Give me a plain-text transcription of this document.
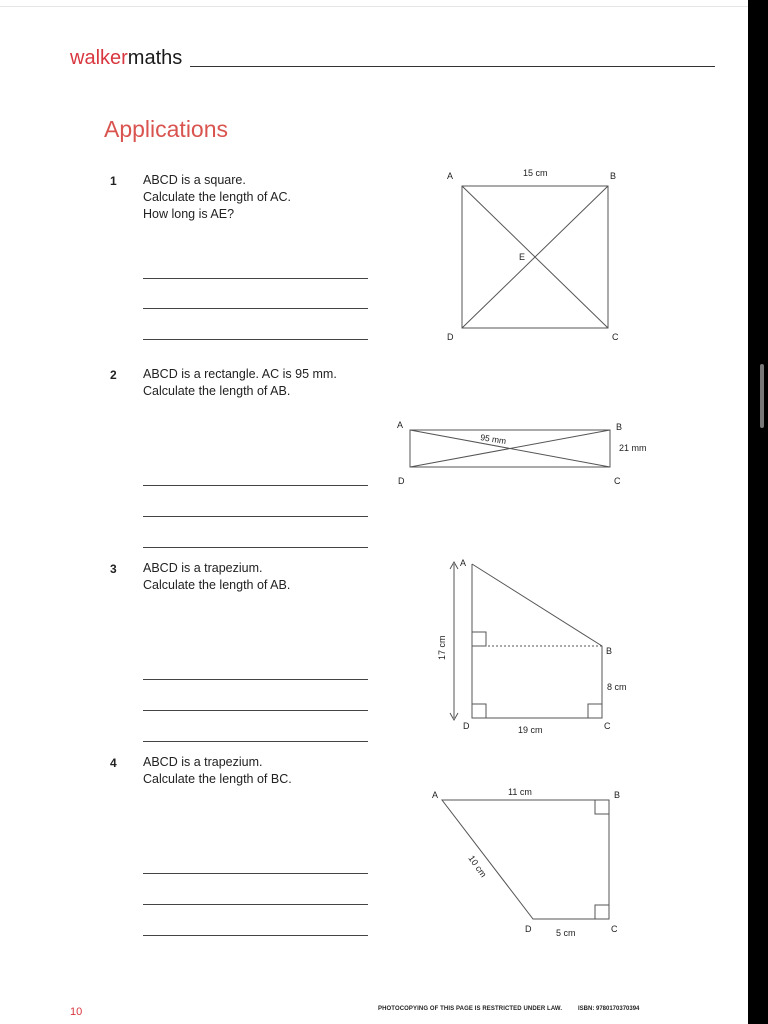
walkermaths
Applications
1 ABCD is a square.
Calculate the length of AC.
How long is AE?
2 ABCD is a rectangle. AC is 95 mm.
Calculate the length of AB.
3 ABCD is a trapezium.
Calculate the length of AB.
4 ABCD is a trapezium.
Calculate the length of BC.
A	B
C
D
E
15 cm
A	B
C
D
95 mm
21 mm
A
B
C
D
17 cm
8 cm
19 cm
A	B
C
D
11 cm
10 cm
5 cm
10	PHOTOCOPYING OF THIS PAGE IS RESTRICTED UNDER LAW.	ISBN: 9780170370394
